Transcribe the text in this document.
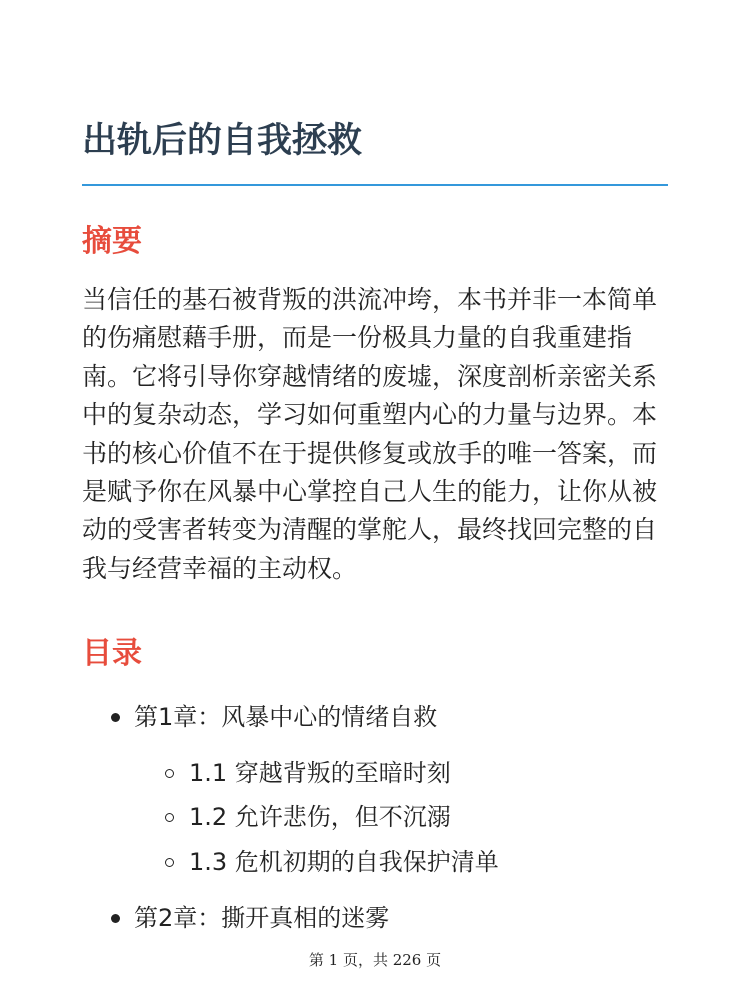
出轨后的自我拯救
摘要

当信任的基石被背叛的洪流冲垮，本书并非一本简单的伤痛慰藉手册，而是一份极具力量的自我重建指南。它将引导你穿越情绪的废墟，深度剖析亲密关系中的复杂动态，学习如何重塑内心的力量与边界。本书的核心价值不在于提供修复或放手的唯一答案，而是赋予你在风暴中心掌控自己人生的能力，让你从被动的受害者转变为清醒的掌舵人，最终找回完整的自我与经营幸福的主动权。

目录
第1章：风暴中心的情绪自救
1.1 穿越背叛的至暗时刻
1.2 允许悲伤，但不沉溺
1.3 危机初期的自我保护清单
第2章：撕开真相的迷雾
第 1 页，共 226 页
